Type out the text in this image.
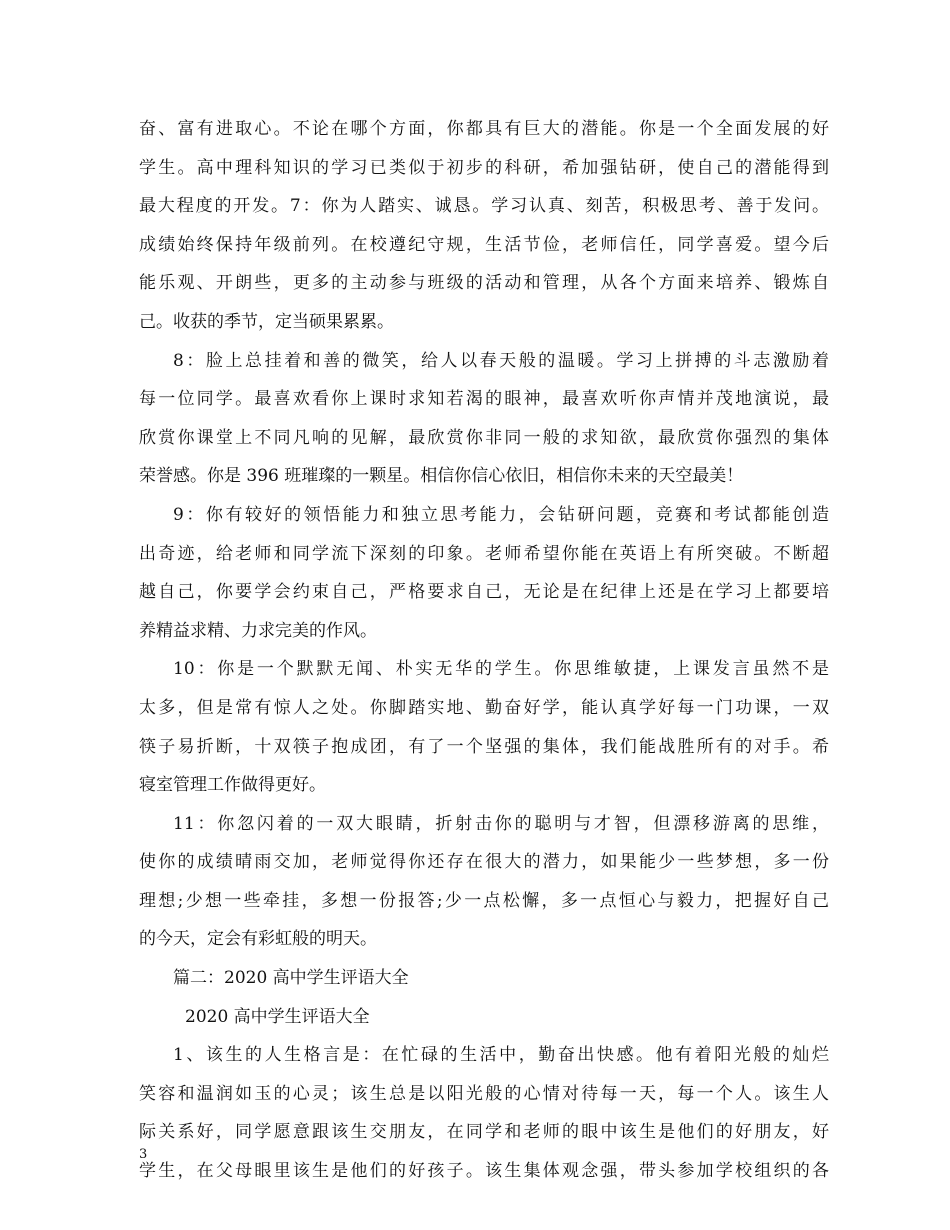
奋、富有进取心。不论在哪个方面，你都具有巨大的潜能。你是一个全面发展的好
学生。高中理科知识的学习已类似于初步的科研，希加强钻研，使自己的潜能得到
最大程度的开发。7：你为人踏实、诚恳。学习认真、刻苦，积极思考、善于发问。
成绩始终保持年级前列。在校遵纪守规，生活节俭，老师信任，同学喜爱。望今后
能乐观、开朗些，更多的主动参与班级的活动和管理，从各个方面来培养、锻炼自
己。收获的季节，定当硕果累累。
8：脸上总挂着和善的微笑，给人以春天般的温暖。学习上拼搏的斗志激励着
每一位同学。最喜欢看你上课时求知若渴的眼神，最喜欢听你声情并茂地演说，最
欣赏你课堂上不同凡响的见解，最欣赏你非同一般的求知欲，最欣赏你强烈的集体
荣誉感。你是 396 班璀璨的一颗星。相信你信心依旧，相信你未来的天空最美！
9：你有较好的领悟能力和独立思考能力，会钻研问题，竞赛和考试都能创造
出奇迹，给老师和同学流下深刻的印象。老师希望你能在英语上有所突破。不断超
越自己，你要学会约束自己，严格要求自己，无论是在纪律上还是在学习上都要培
养精益求精、力求完美的作风。
10：你是一个默默无闻、朴实无华的学生。你思维敏捷，上课发言虽然不是
太多，但是常有惊人之处。你脚踏实地、勤奋好学，能认真学好每一门功课，一双
筷子易折断，十双筷子抱成团，有了一个坚强的集体，我们能战胜所有的对手。希
寝室管理工作做得更好。
11：你忽闪着的一双大眼睛，折射击你的聪明与才智，但漂移游离的思维，
使你的成绩晴雨交加，老师觉得你还存在很大的潜力，如果能少一些梦想，多一份
理想;少想一些牵挂，多想一份报答;少一点松懈，多一点恒心与毅力，把握好自己
的今天，定会有彩虹般的明天。
篇二：2020 高中学生评语大全
2020 高中学生评语大全
1、该生的人生格言是：在忙碌的生活中，勤奋出快感。他有着阳光般的灿烂
笑容和温润如玉的心灵；该生总是以阳光般的心情对待每一天，每一个人。该生人
际关系好，同学愿意跟该生交朋友，在同学和老师的眼中该生是他们的好朋友，好
学生，在父母眼里该生是他们的好孩子。该生集体观念强，带头参加学校组织的各
3
